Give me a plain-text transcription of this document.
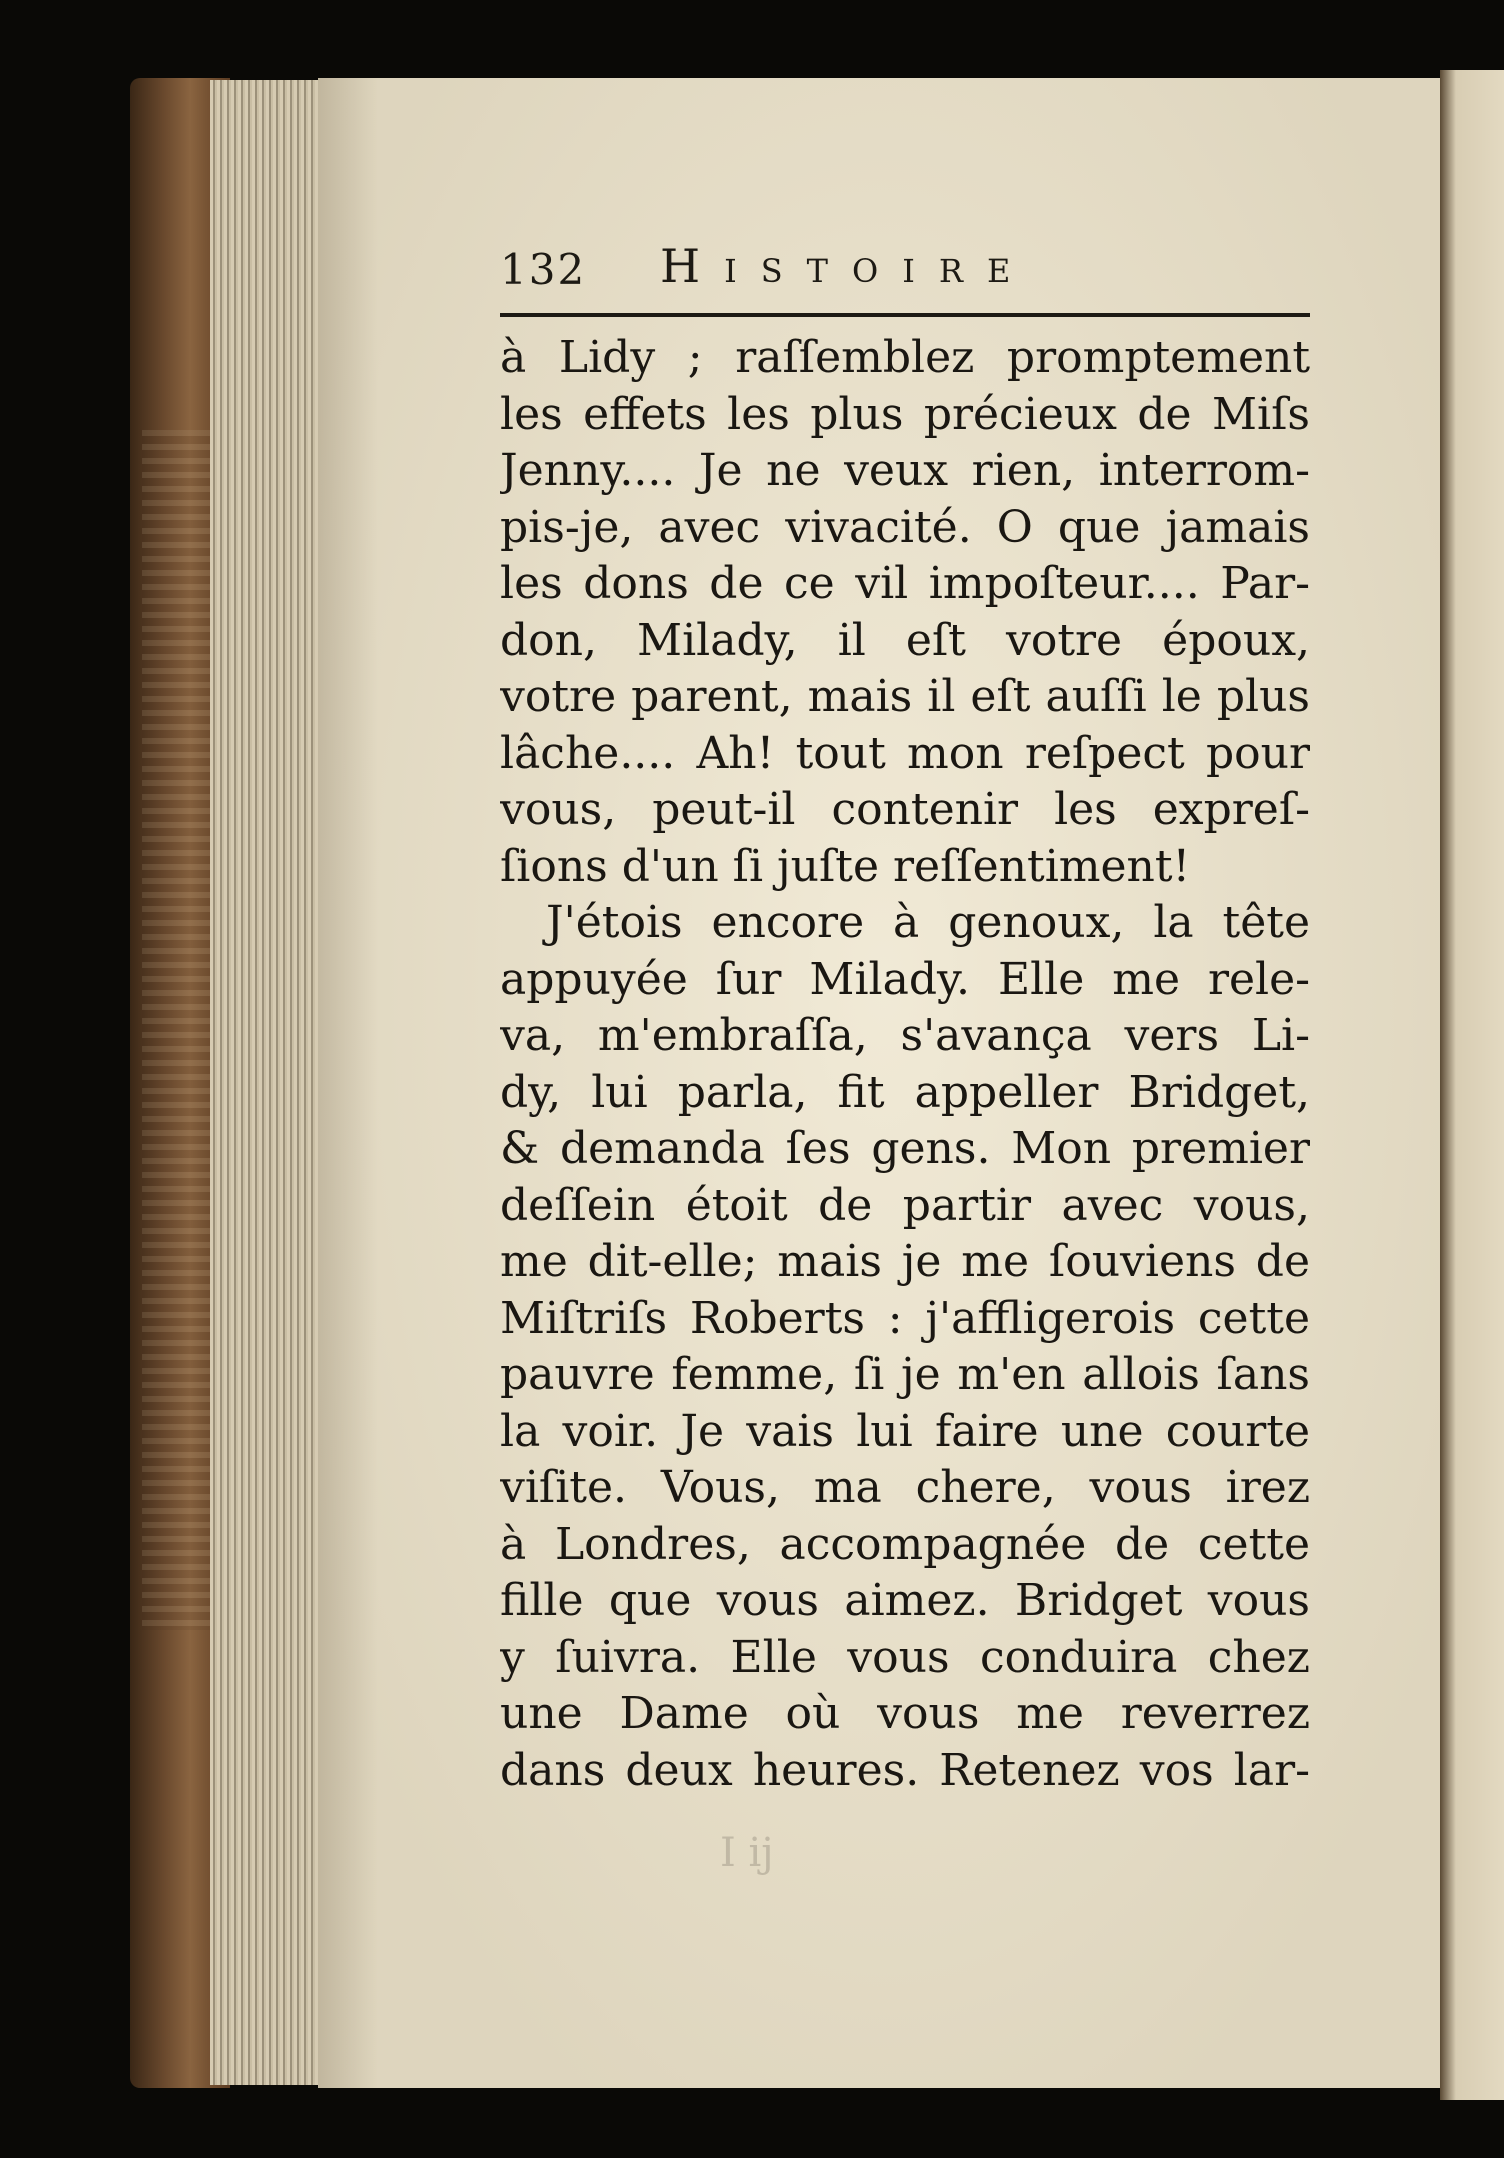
132 Histoire
à Lidy ; raſſemblez promptement
les effets les plus précieux de Miſs
Jenny.... Je ne veux rien, interrom-
pis-je, avec vivacité. O que jamais
les dons de ce vil impoſteur.... Par-
don, Milady, il eſt votre époux,
votre parent, mais il eſt auſſi le plus
lâche.... Ah! tout mon reſpect pour
vous, peut-il contenir les expreſ-
ſions d'un ſi juſte reſſentiment!
J'étois encore à genoux, la tête
appuyée ſur Milady. Elle me rele-
va, m'embraſſa, s'avança vers Li-
dy, lui parla, fit appeller Bridget,
& demanda ſes gens. Mon premier
deſſein étoit de partir avec vous,
me dit-elle; mais je me ſouviens de
Miſtriſs Roberts : j'affligerois cette
pauvre femme, ſi je m'en allois ſans
la voir. Je vais lui faire une courte
viſite. Vous, ma chere, vous irez
à Londres, accompagnée de cette
fille que vous aimez. Bridget vous
y ſuivra. Elle vous conduira chez
une Dame où vous me reverrez
dans deux heures. Retenez vos lar-
I ij
